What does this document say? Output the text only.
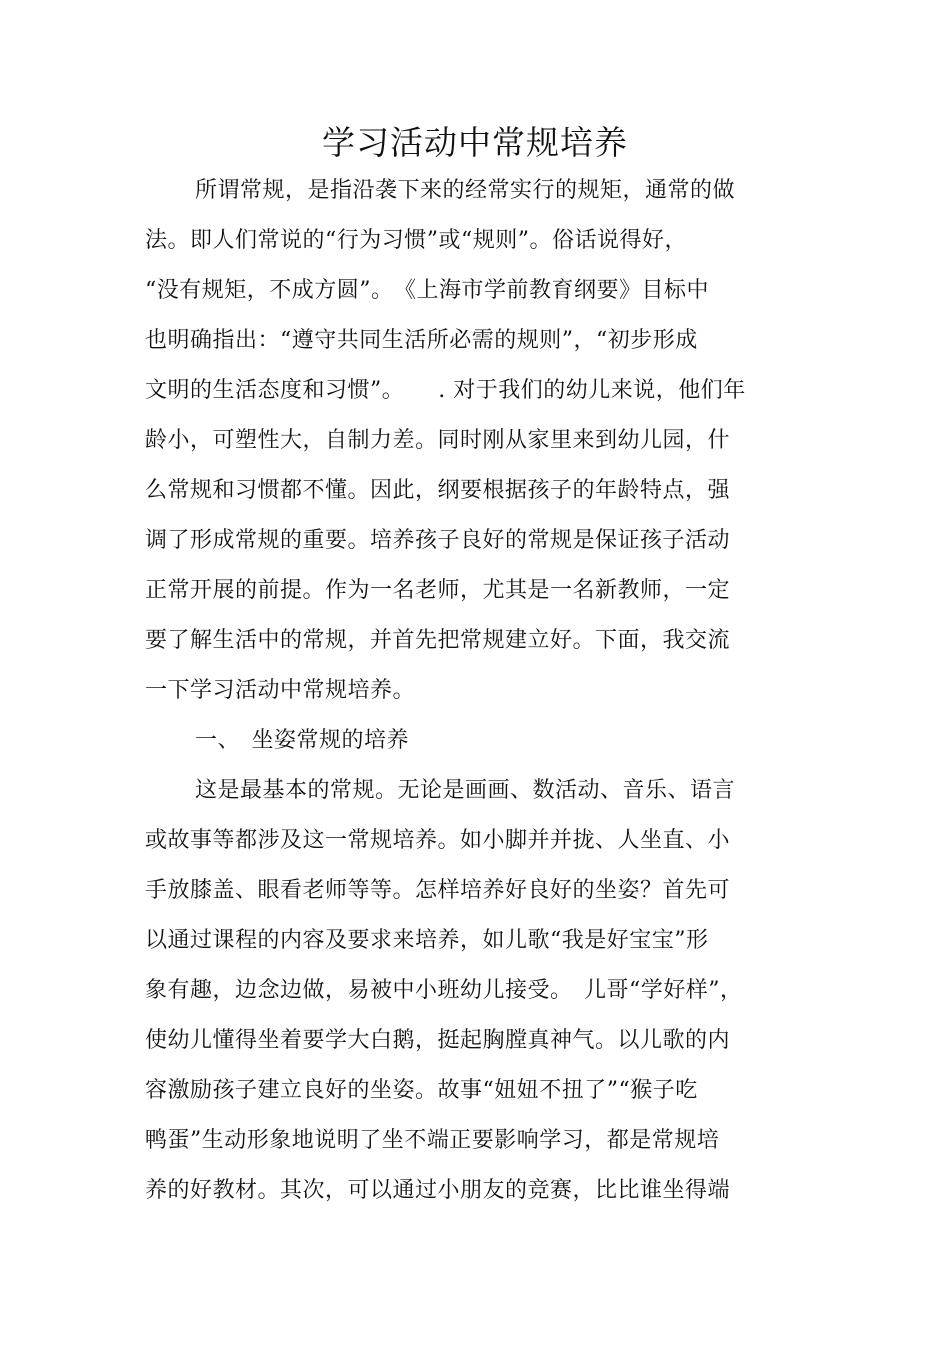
学习活动中常规培养
所谓常规，是指沿袭下来的经常实行的规矩，通常的做
法。即人们常说的“行为习惯”或“规则”。俗话说得好，
“没有规矩，不成方圆”。　《上海市学前教育纲要》目标中
也明确指出：“遵守共同生活所必需的规则”，“初步形成
文明的生活态度和习惯”。　　. 对于我们的幼儿来说，他们年
龄小，可塑性大，自制力差。同时刚从家里来到幼儿园，什
么常规和习惯都不懂。因此，纲要根据孩子的年龄特点，强
调了形成常规的重要。培养孩子良好的常规是保证孩子活动
正常开展的前提。作为一名老师，尤其是一名新教师，一定
要了解生活中的常规，并首先把常规建立好。下面，我交流
一下学习活动中常规培养。
一、　坐姿常规的培养
这是最基本的常规。无论是画画、数活动、音乐、语言
或故事等都涉及这一常规培养。如小脚并并拢、人坐直、小
手放膝盖、眼看老师等等。怎样培养好良好的坐姿？首先可
以通过课程的内容及要求来培养，如儿歌“我是好宝宝”形
象有趣，边念边做，易被中小班幼儿接受。　儿哥“学好样”，
使幼儿懂得坐着要学大白鹅，挺起胸膛真神气。以儿歌的内
容激励孩子建立良好的坐姿。故事“妞妞不扭了”“猴子吃
鸭蛋”生动形象地说明了坐不端正要影响学习，都是常规培
养的好教材。其次，可以通过小朋友的竞赛，比比谁坐得端
